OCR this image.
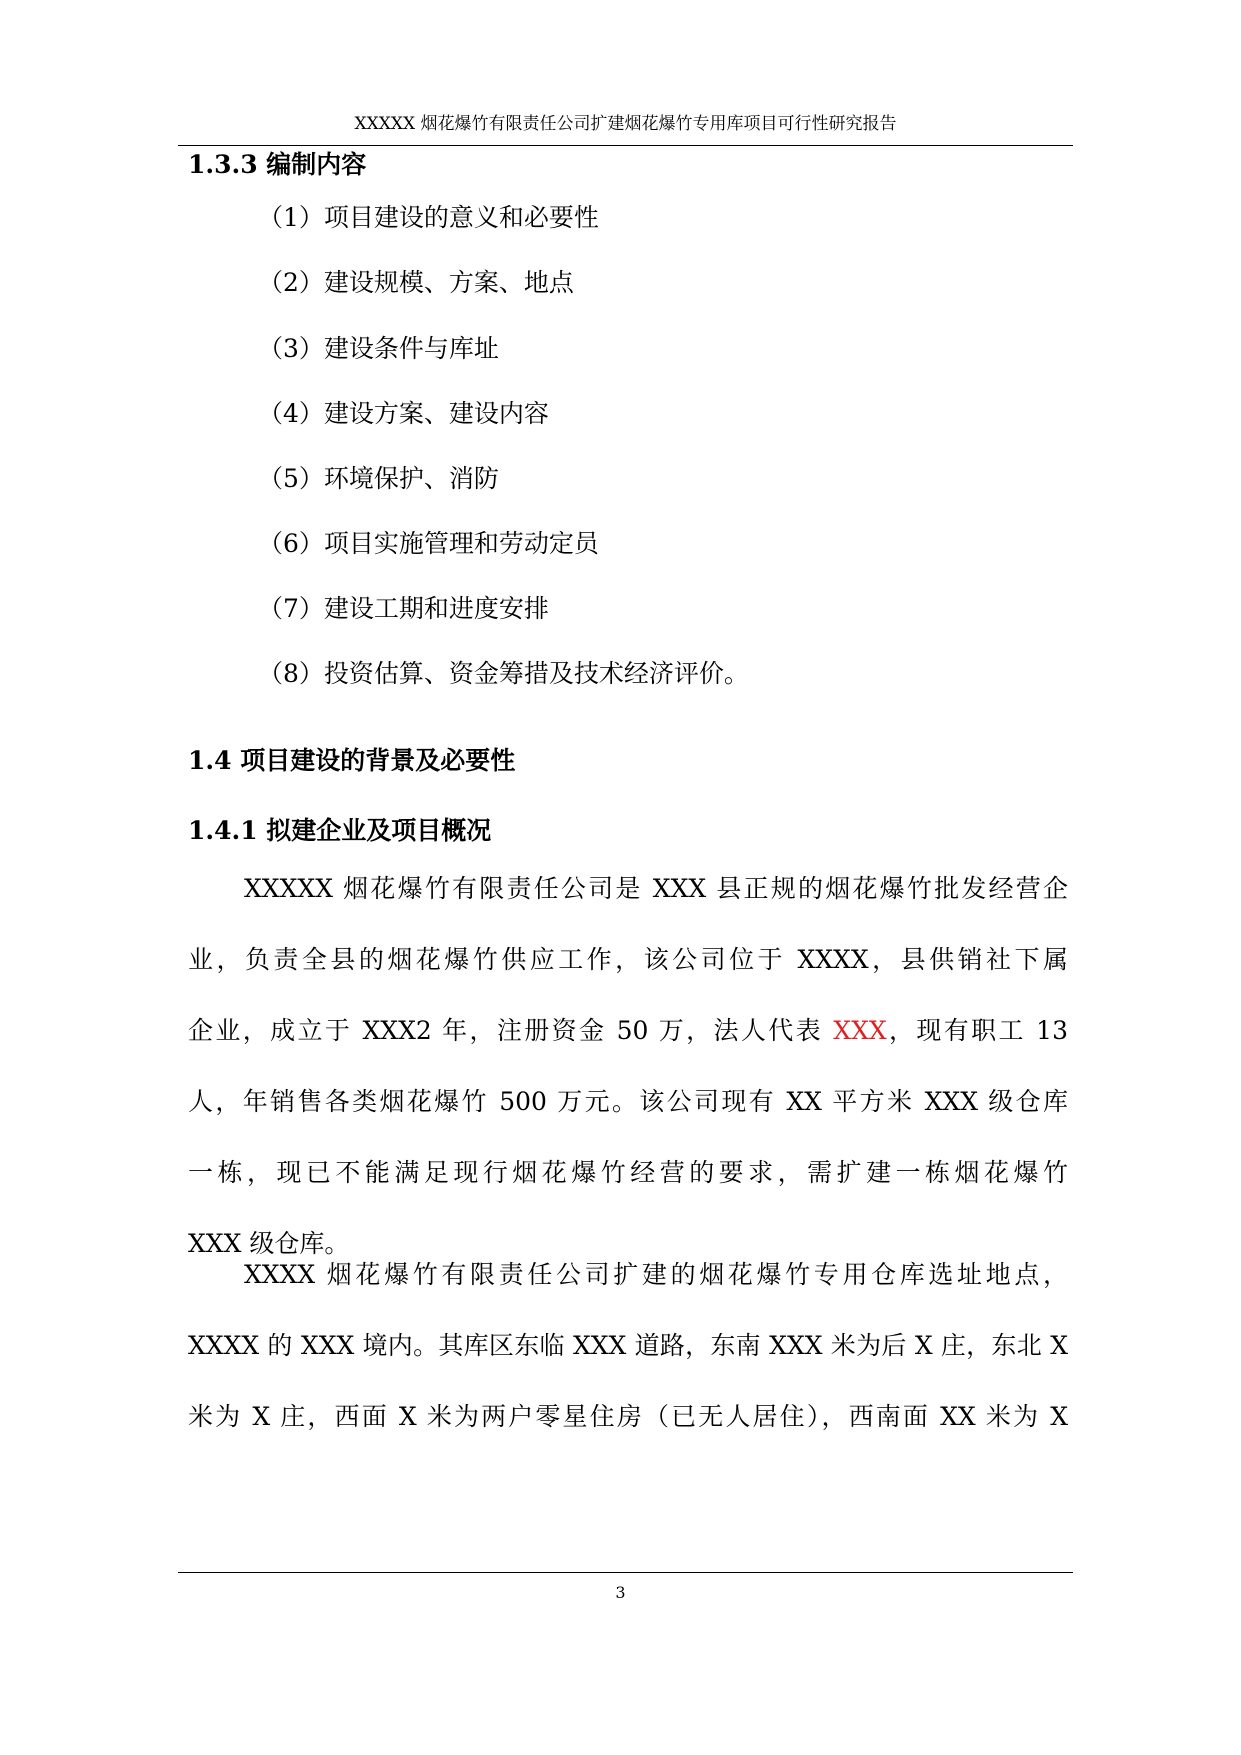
XXXXX 烟花爆竹有限责任公司扩建烟花爆竹专用库项目可行性研究报告
1.3.3 编制内容
（1）项目建设的意义和必要性
（2）建设规模、方案、地点
（3）建设条件与库址
（4）建设方案、建设内容
（5）环境保护、消防
（6）项目实施管理和劳动定员
（7）建设工期和进度安排
（8）投资估算、资金筹措及技术经济评价。
1.4 项目建设的背景及必要性
1.4.1 拟建企业及项目概况

XXXXX 烟花爆竹有限责任公司是 XXX 县正规的烟花爆竹批发经营企

业，负责全县的烟花爆竹供应工作，该公司位于 XXXX，县供销社下属

企业，成立于 XXX2 年，注册资金 50 万，法人代表 XXX，现有职工 13

人，年销售各类烟花爆竹 500 万元。该公司现有 XX 平方米 XXX 级仓库

一栋，现已不能满足现行烟花爆竹经营的要求，需扩建一栋烟花爆竹

XXX 级仓库。

XXXX 烟花爆竹有限责任公司扩建的烟花爆竹专用仓库选址地点，

XXXX 的 XXX 境内。其库区东临 XXX 道路，东南 XXX 米为后 X 庄，东北 X

米为 X 庄，西面 X 米为两户零星住房（已无人居住），西南面 XX 米为 X

3
